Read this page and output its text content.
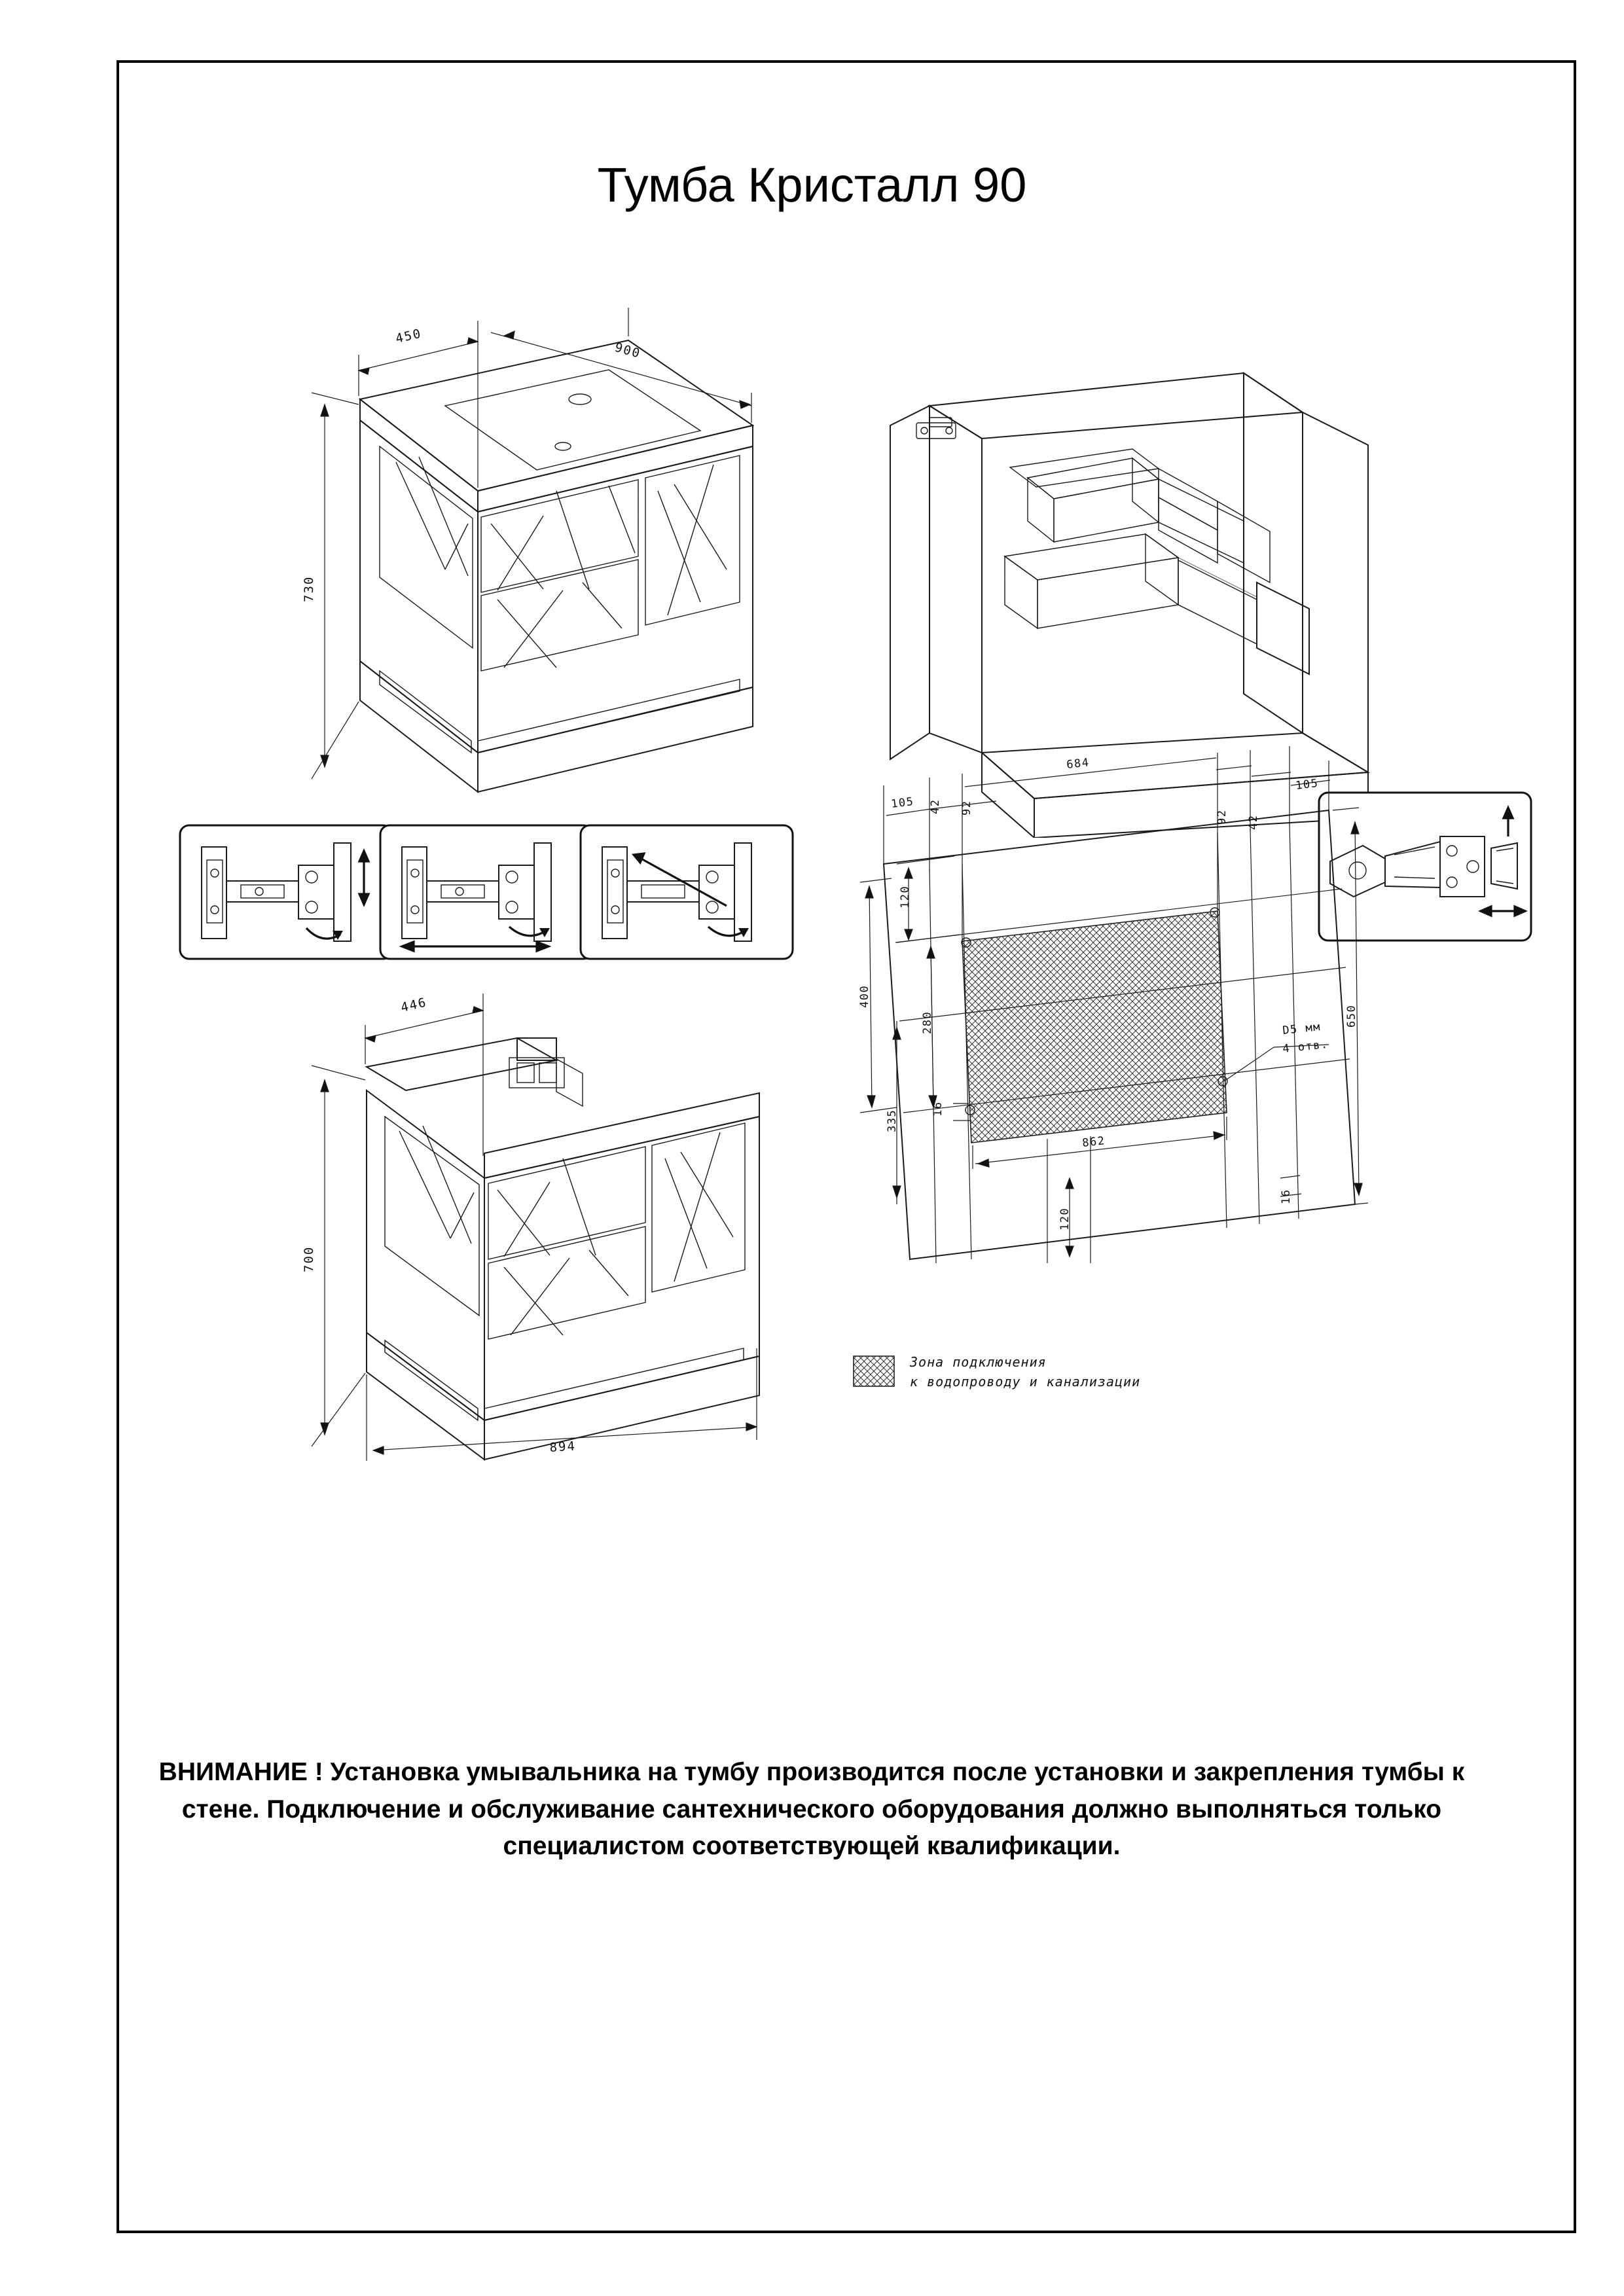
Тумба Кристалл 90
450
900
730
446
700
894
105 42 92
684
92 42
105
120
400
280
335
16
862
16
120
650
D5 мм
4 отв.
Зона подключения
к водопроводу и канализации
ВНИМАНИЕ ! Установка умывальника на тумбу производится после установки и закрепления тумбы к стене. Подключение и обслуживание сантехнического оборудования должно выполняться только специалистом соответствующей квалификации.
